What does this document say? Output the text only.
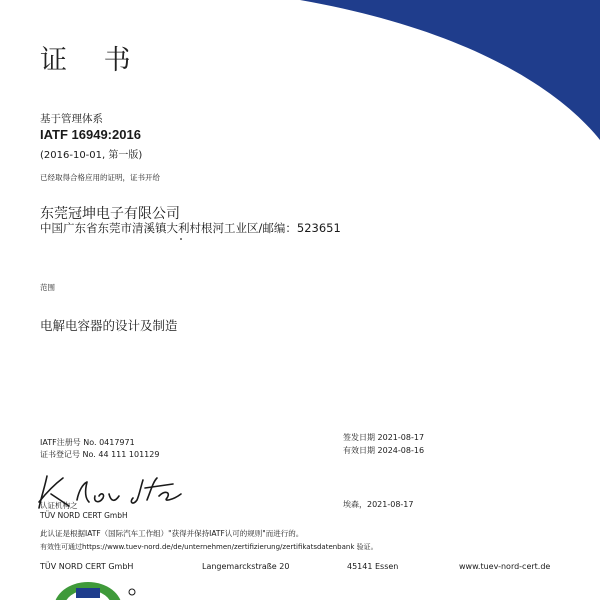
证 书
基于管理体系
IATF 16949:2016
(2016-10-01, 第一版)
已经取得合格应用的证明，证书开给
东莞冠坤电子有限公司
中国广东省东莞市清溪镇大利村根河工业区/邮编：523651
范围
电解电容器的设计及制造
IATF注册号 No. 0417971
证书登记号 No. 44 111 101129
签发日期 2021-08-17
有效日期 2024-08-16
认证机构之
TÜV NORD CERT GmbH
埃森，2021-08-17
此认证是根据IATF（国际汽车工作组）"获得并保持IATF认可的规则"而进行的。
有效性可通过https://www.tuev-nord.de/de/unternehmen/zertifizierung/zertifikatsdatenbank 验证。
TÜV NORD CERT GmbH	Langemarckstraße 20	45141 Essen	www.tuev-nord-cert.de
